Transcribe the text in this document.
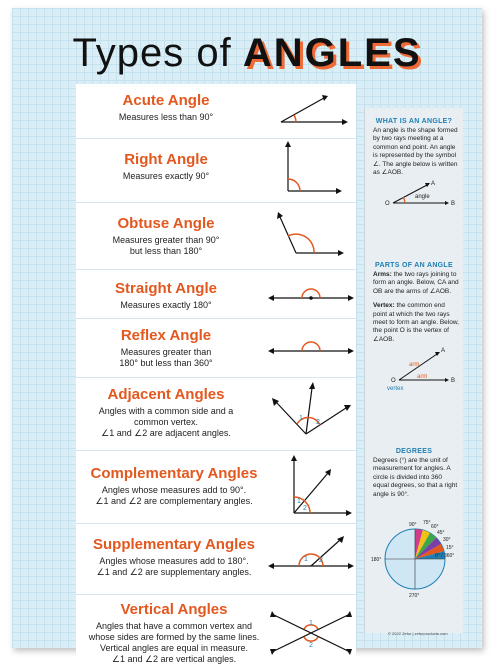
Types of ANGLES
Acute Angle

Measures less than 90°

Right Angle

Measures exactly 90°

Obtuse Angle

Measures greater than 90°

but less than 180°

Straight Angle

Measures exactly 180°

Reflex Angle

Measures greater than

180° but less than 360°

Adjacent Angles

Angles with a common side and a

common vertex.

∠1 and ∠2 are adjacent angles.

1
2
Complementary Angles

Angles whose measures add to 90°.

∠1 and ∠2 are complementary angles.	1
2
Supplementary Angles

Angles whose measures add to 180°.

∠1 and ∠2 are supplementary angles.

1 2
Vertical Angles

Angles that have a common vertex and

whose sides are formed by the same lines.

Vertical angles are equal in measure.

∠1 and ∠2 are vertical angles.

1
2

WHAT IS AN ANGLE?

An angle is the shape formed by two rays meeting at a common end point. An angle is represented by the symbol ∠. The angle below is written as ∠AOB.

O
A
B
angle

PARTS OF AN ANGLE

Arms: the two rays joining to form an angle. Below, CA and OB are the arms of ∠AOB.

Vertex: the common end point at which the two rays meet to form an angle. Below, the point O is the vertex of ∠AOB.

arm
arm
O
vertex
A
B

DEGREES

Degrees (°) are the unit of measurement for angles. A circle is divided into 360 equal degrees, so that a right angle is 90°.

90° 75°
60°
45°
30°
15°
0° / 360°
180°
270°
© 2022 Zefur | zefurproducts.com
